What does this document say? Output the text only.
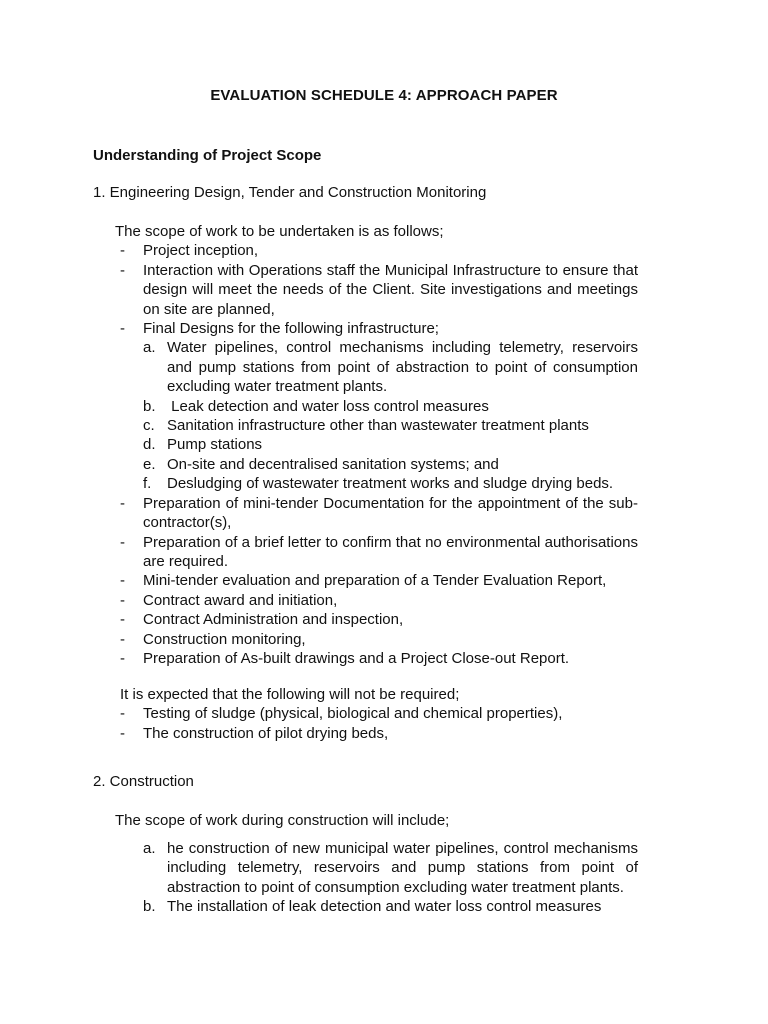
EVALUATION SCHEDULE 4: APPROACH PAPER
Understanding of Project Scope
1. Engineering Design, Tender and Construction Monitoring
The scope of work to be undertaken is as follows;
- Project inception,
- Interaction with Operations staff the Municipal Infrastructure to ensure that design will meet the needs of the Client. Site investigations and meetings on site are planned,
- Final Designs for the following infrastructure;
a. Water pipelines, control mechanisms including telemetry, reservoirs and pump stations from point of abstraction to point of consumption excluding water treatment plants.
b. Leak detection and water loss control measures
c. Sanitation infrastructure other than wastewater treatment plants
d. Pump stations
e. On-site and decentralised sanitation systems; and
f. Desludging of wastewater treatment works and sludge drying beds.
- Preparation of mini-tender Documentation for the appointment of the sub-contractor(s),
- Preparation of a brief letter to confirm that no environmental authorisations are required.
- Mini-tender evaluation and preparation of a Tender Evaluation Report,
- Contract award and initiation,
- Contract Administration and inspection,
- Construction monitoring,
- Preparation of As-built drawings and a Project Close-out Report.
It is expected that the following will not be required;
- Testing of sludge (physical, biological and chemical properties),
- The construction of pilot drying beds,
2. Construction
The scope of work during construction will include;
a. he construction of new municipal water pipelines, control mechanisms including telemetry, reservoirs and pump stations from point of abstraction to point of consumption excluding water treatment plants.
b. The installation of leak detection and water loss control measures
